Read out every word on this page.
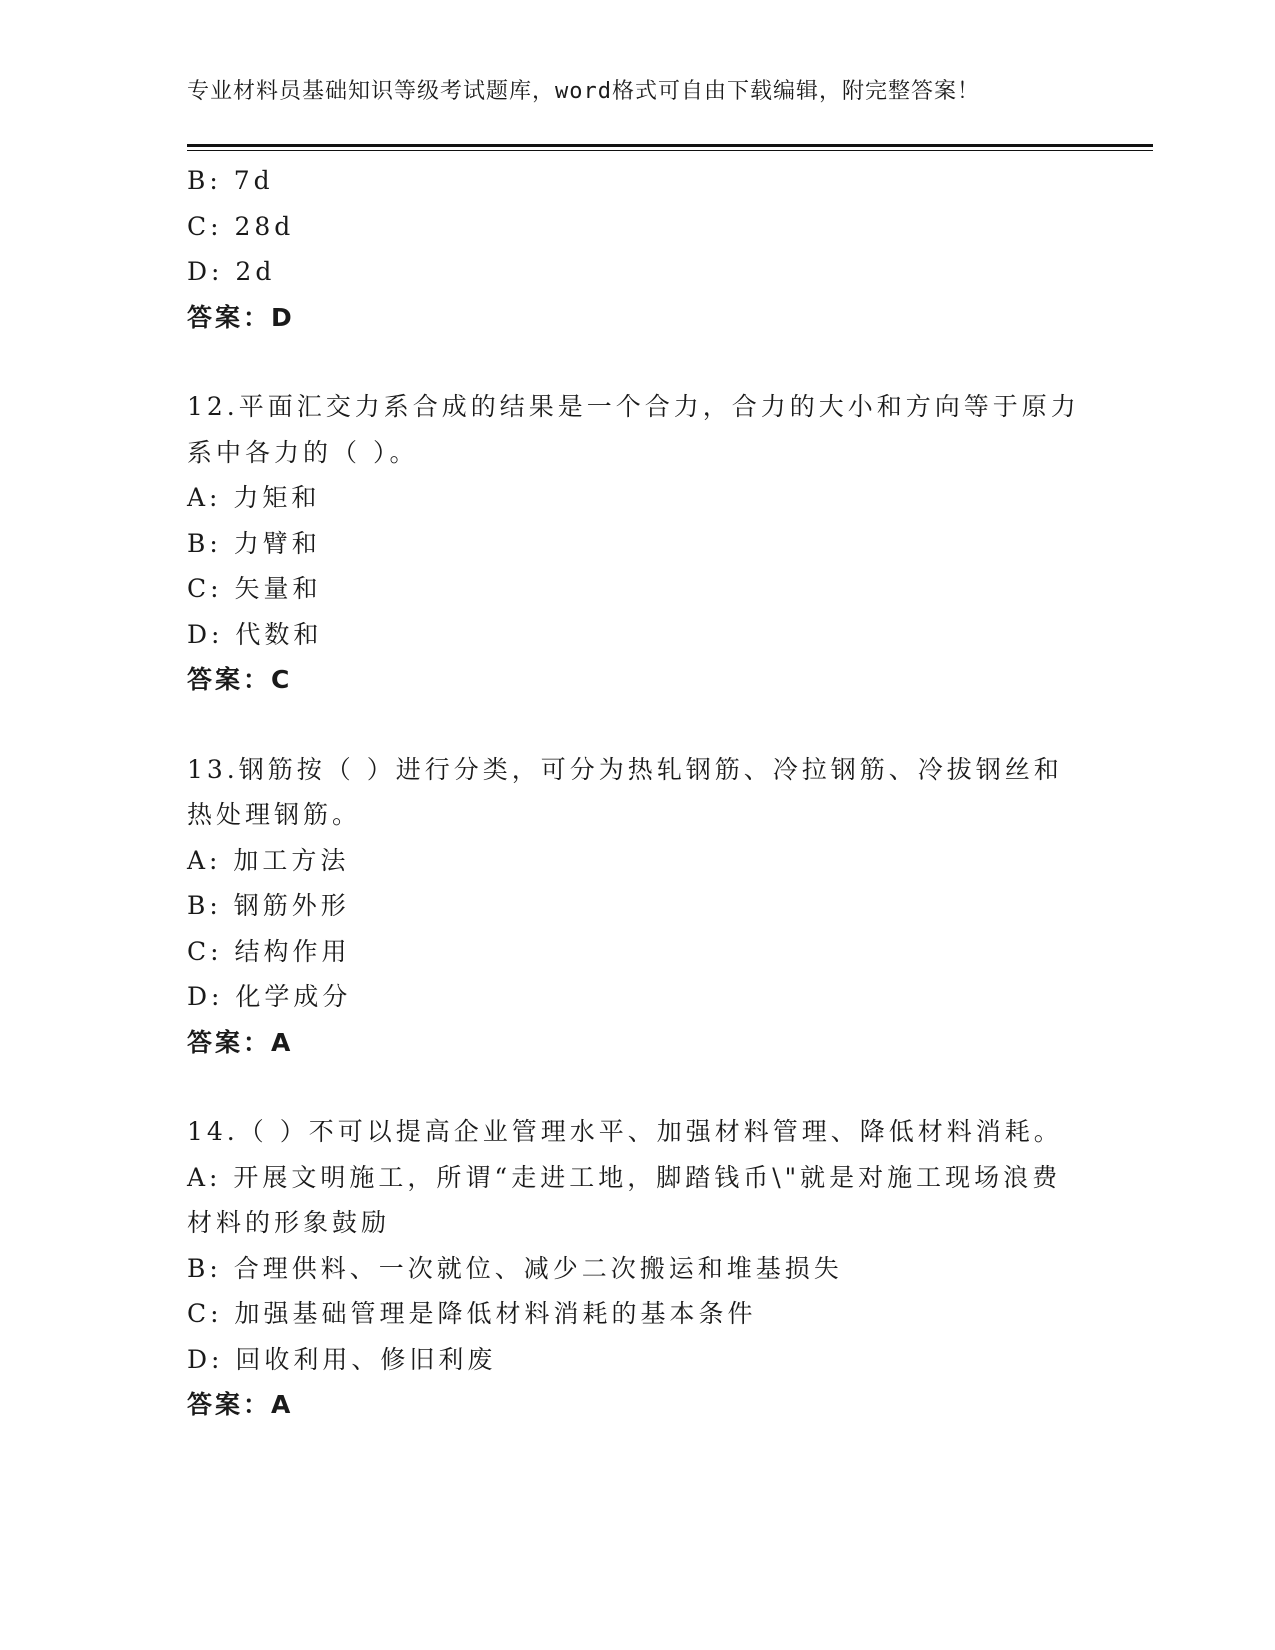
专业材料员基础知识等级考试题库，word格式可自由下载编辑，附完整答案！
B: 7d
C: 28d
D: 2d
答案：D
12.平面汇交力系合成的结果是一个合力，合力的大小和方向等于原力
系中各力的（ ）。
A: 力矩和
B: 力臂和
C: 矢量和
D: 代数和
答案：C
13.钢筋按（ ）进行分类，可分为热轧钢筋、冷拉钢筋、冷拔钢丝和
热处理钢筋。
A: 加工方法
B: 钢筋外形
C: 结构作用
D: 化学成分
答案：A
14.（ ）不可以提高企业管理水平、加强材料管理、降低材料消耗。
A: 开展文明施工，所谓“走进工地，脚踏钱币\"就是对施工现场浪费
材料的形象鼓励
B: 合理供料、一次就位、减少二次搬运和堆基损失
C: 加强基础管理是降低材料消耗的基本条件
D: 回收利用、修旧利废
答案：A
